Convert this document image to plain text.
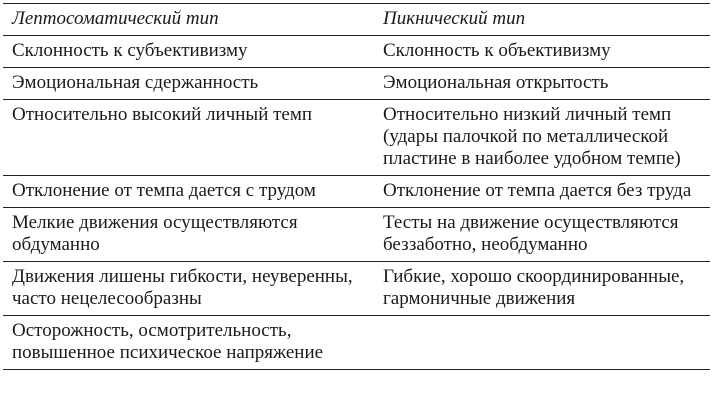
Лептосоматический тип	Пикнический тип
Склонность к субъективизму	Склонность к объективизму
Эмоциональная сдержанность	Эмоциональная открытость
Относительно высокий личный темп	Относительно низкий личный темп (удары палочкой по металлической пластине в наиболее удобном темпе)
Отклонение от темпа дается с трудом	Отклонение от темпа дается без труда
Мелкие движения осуществляются обдуманно	Тесты на движение осуществляются беззаботно, необдуманно
Движения лишены гибкости, неуверенны, часто нецелесообразны	Гибкие, хорошо скоординированные, гармоничные движения
Осторожность, осмотрительность, повышенное психическое напряжение	
